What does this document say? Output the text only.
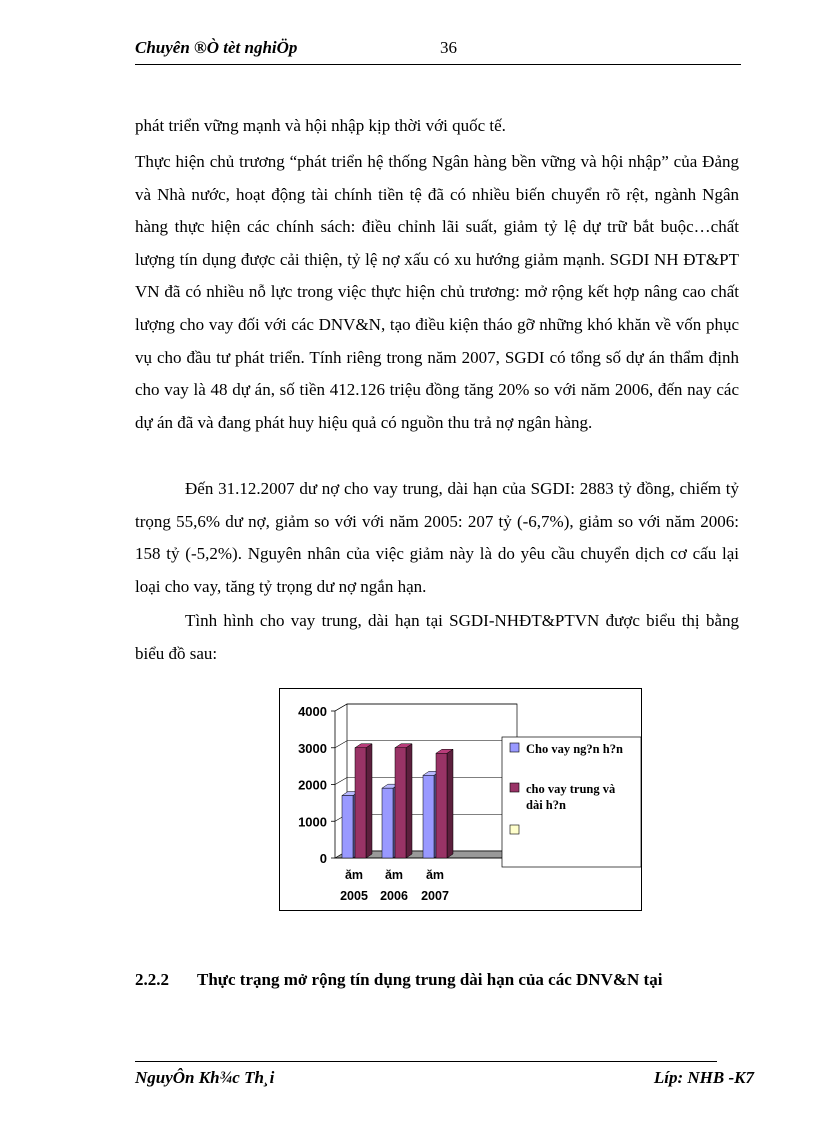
Chuyên ®Ò tèt nghiÖp	36

phát triển vững mạnh và hội nhập kịp thời với quốc tế.

Thực hiện chủ trương “phát triển hệ thống Ngân hàng bền vững và hội nhập” của Đảng và Nhà nước, hoạt động tài chính tiền tệ đã có nhiều biến chuyển rõ rệt, ngành Ngân hàng thực hiện các chính sách: điều chỉnh lãi suất, giảm tỷ lệ dự trữ bắt buộc…chất lượng tín dụng được cải thiện, tỷ lệ nợ xấu có xu hướng giảm mạnh. SGDI NH ĐT&PT VN đã có nhiều nỗ lực trong việc thực hiện chủ trương: mở rộng kết hợp nâng cao chất lượng cho vay đối với các DNV&N, tạo điều kiện tháo gỡ những khó khăn về vốn phục vụ cho đầu tư phát triển. Tính riêng trong năm 2007, SGDI có tổng số dự án thẩm định cho vay là 48 dự án, số tiền 412.126 triệu đồng tăng 20% so với năm 2006, đến nay các dự án đã và đang phát huy hiệu quả có nguồn thu trả nợ ngân hàng.

Đến 31.12.2007 dư nợ cho vay trung, dài hạn của SGDI: 2883 tỷ đồng, chiếm tỷ trọng 55,6% dư nợ, giảm so với với năm 2005: 207 tỷ (-6,7%), giảm so với năm 2006: 158 tỷ (-5,2%). Nguyên nhân của việc giảm này là do yêu cầu chuyển dịch cơ cấu lại loại cho vay, tăng tỷ trọng dư nợ ngắn hạn.

Tình hình cho vay trung, dài hạn tại SGDI-NHĐT&PTVN được biểu thị bằng biểu đồ sau:

4000
3000
2000
1000
0
ăm
2005
ăm
2006
ăm
2007
Cho vay ng?n h?n
cho vay trung và
dài h?n
2.2.2 Thực trạng mở rộng tín dụng trung dài hạn của các DNV&N tại
NguyÔn Kh¾c Th¸i	Líp: NHB -K7
